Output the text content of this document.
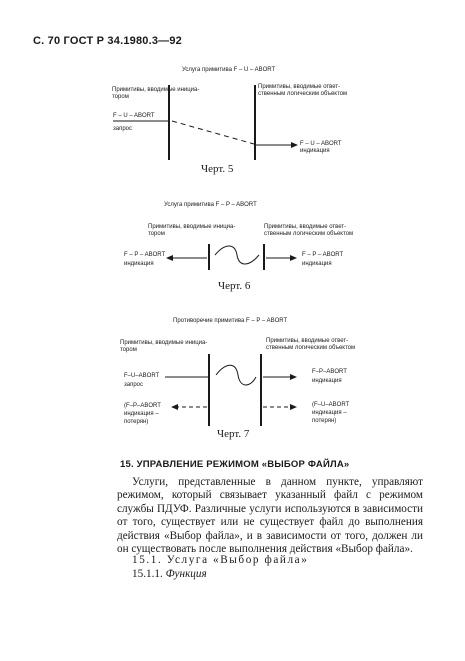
С. 70 ГОСТ Р 34.1980.3—92
Услуга примитива F – U – ABORT
Примитивы, вводимые инициа-
тором
Примитивы, вводимые ответ-
ственным логическим объектом
F – U – ABORT
запрос
F – U – ABORT
индикация
Черт. 5
Услуга примитива F – P – ABORT
Примитивы, вводимые инициа-
тором
Примитивы, вводимые ответ-
ственным логическим объектом
F – P – ABORT
индикация
F – P – ABORT
индикация
Черт. 6
Противоречие примитива F – P – ABORT
Примитивы, вводимые инициа-
тором
Примитивы, вводимые ответ-
ственным логическим объектом
F–U–ABORT
запрос
F–P–ABORT
индикация
(F–P–ABORT
индикация –
потерян)
(F–U–ABORT
индикация –
потерян)
Черт. 7
15. УПРАВЛЕНИЕ РЕЖИМОМ «ВЫБОР ФАЙЛА»

Услуги, представленные в данном пункте, управляют режимом, который связывает указанный файл с режимом службы ПДУФ. Различные услуги используются в зависимости от того, существует или не существует файл до выполнения действия «Выбор файла», и в зависимости от того, должен ли он существовать после выполнения действия «Выбор файла».

15.1. Услуга «Выбор файла»
15.1.1. Функция
